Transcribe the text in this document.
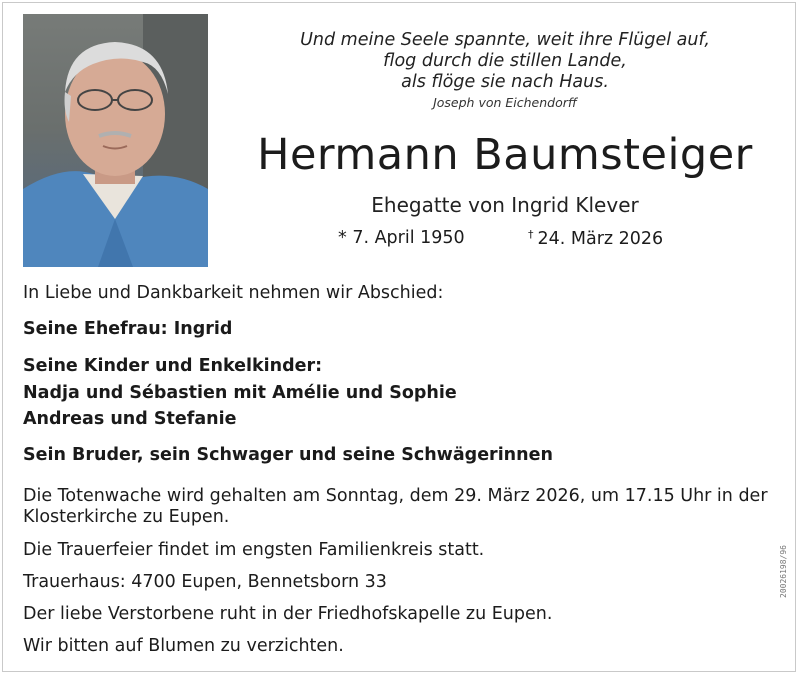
Und meine Seele spannte, weit ihre Flügel auf,
flog durch die stillen Lande,
als flöge sie nach Haus.
Joseph von Eichendorff
Hermann Baumsteiger
Ehegatte von Ingrid Klever
* 7. April 1950	† 24. März 2026
In Liebe und Dankbarkeit nehmen wir Abschied:
Seine Ehefrau: Ingrid
Seine Kinder und Enkelkinder:
Nadja und Sébastien mit Amélie und Sophie
Andreas und Stefanie
Sein Bruder, sein Schwager und seine Schwägerinnen
Die Totenwache wird gehalten am Sonntag, dem 29. März 2026, um 17.15 Uhr in der
Klosterkirche zu Eupen.
Die Trauerfeier findet im engsten Familienkreis statt.
Trauerhaus: 4700 Eupen, Bennetsborn 33
Der liebe Verstorbene ruht in der Friedhofskapelle zu Eupen.
Wir bitten auf Blumen zu verzichten.
20026198/96
